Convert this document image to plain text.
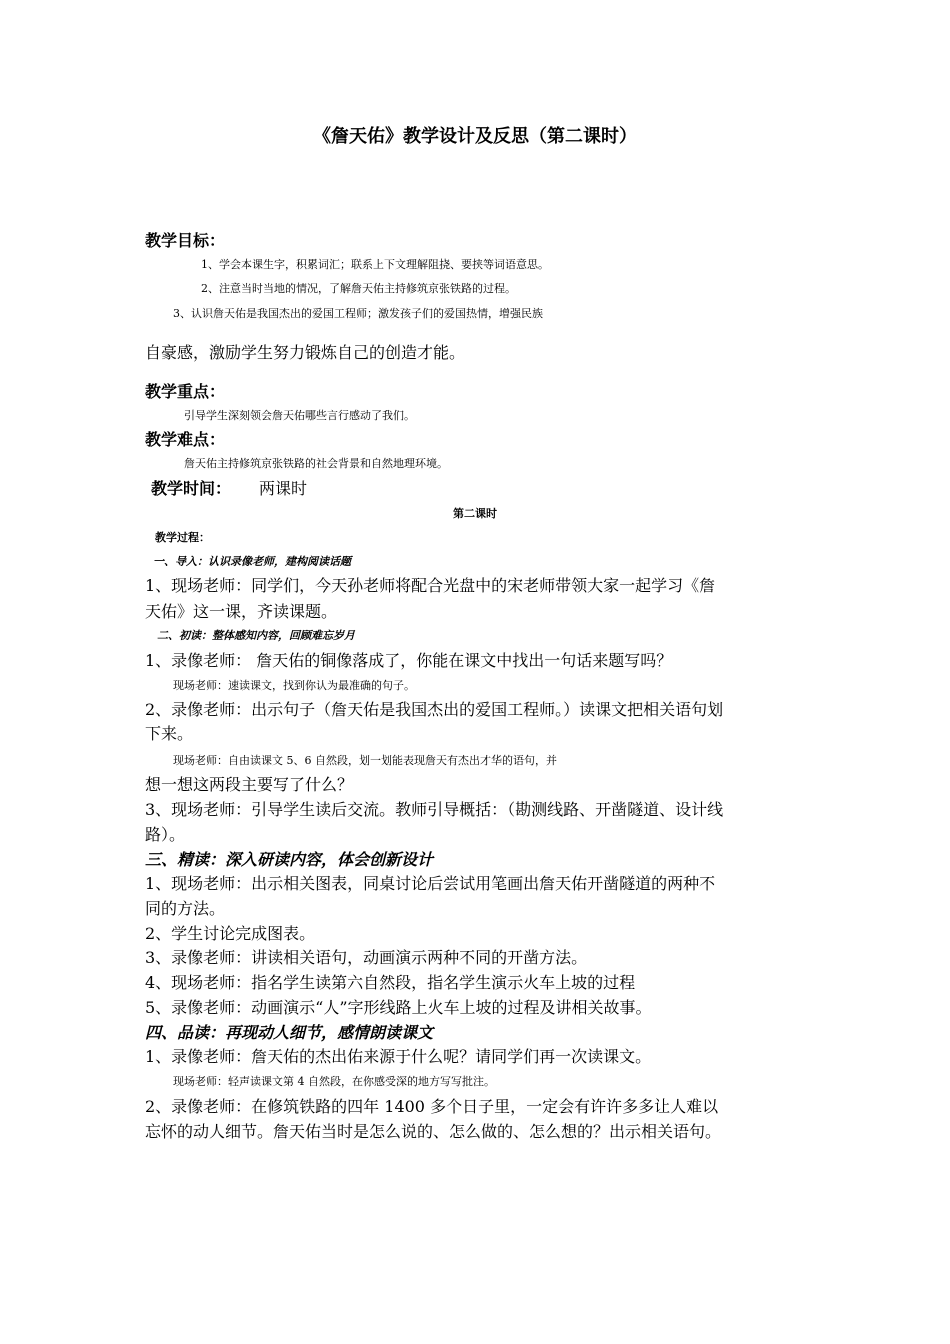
《詹天佑》教学设计及反思（第二课时）
教学目标：
1、学会本课生字，积累词汇；联系上下文理解阻挠、要挟等词语意思。
2、注意当时当地的情况，了解詹天佑主持修筑京张铁路的过程。
3、认识詹天佑是我国杰出的爱国工程师；激发孩子们的爱国热情，增强民族
自豪感，激励学生努力锻炼自己的创造才能。
教学重点：
引导学生深刻领会詹天佑哪些言行感动了我们。
教学难点：
詹天佑主持修筑京张铁路的社会背景和自然地理环境。
教学时间：	两课时
第二课时
教学过程：
一、导入：认识录像老师，建构阅读话题
1、现场老师：同学们，今天孙老师将配合光盘中的宋老师带领大家一起学习《詹
天佑》这一课，齐读课题。
二、初读：整体感知内容，回顾难忘岁月
1、录像老师： 詹天佑的铜像落成了，你能在课文中找出一句话来题写吗？
现场老师：速读课文，找到你认为最准确的句子。
2、录像老师：出示句子（詹天佑是我国杰出的爱国工程师。）读课文把相关语句划
下来。
现场老师：自由读课文 5、6 自然段，划一划能表现詹天有杰出才华的语句，并
想一想这两段主要写了什么？
3、现场老师：引导学生读后交流。教师引导概括：（勘测线路、开凿隧道、设计线
路）。
三、精读：深入研读内容，体会创新设计
1、现场老师：出示相关图表，同桌讨论后尝试用笔画出詹天佑开凿隧道的两种不
同的方法。
2、学生讨论完成图表。
3、录像老师：讲读相关语句，动画演示两种不同的开凿方法。
4、现场老师：指名学生读第六自然段，指名学生演示火车上坡的过程
5、录像老师：动画演示“人”字形线路上火车上坡的过程及讲相关故事。
四、品读：再现动人细节，感情朗读课文
1、录像老师：詹天佑的杰出佑来源于什么呢？请同学们再一次读课文。
现场老师：轻声读课文第 4 自然段，在你感受深的地方写写批注。
2、录像老师：在修筑铁路的四年 1400 多个日子里，一定会有许许多多让人难以
忘怀的动人细节。詹天佑当时是怎么说的、怎么做的、怎么想的？出示相关语句。
